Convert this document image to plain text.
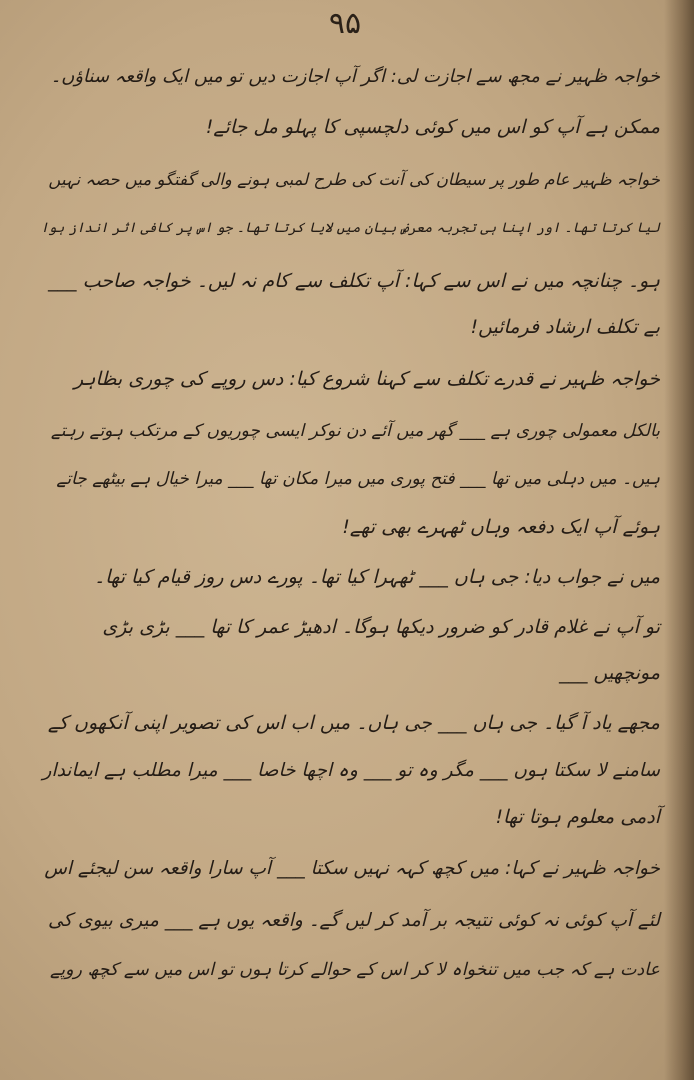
۹۵
خواجہ ظہیر نے مجھ سے اجازت لی: اگر آپ اجازت دیں تو میں ایک واقعہ سناؤں۔
ممکن ہے آپ کو اس میں کوئی دلچسپی کا پہلو مل جائے!
خواجہ ظہیر عام طور پر سیطان کی آنت کی طرح لمبی ہونے والی گفتگو میں حصہ نہیں
لیا کرتا تھا۔ اور اپنا ہی تجربہ معرضِ بیان میں لایا کرتا تھا۔ جو اس پر کافی اثر انداز ہوا
ہو۔ چنانچہ میں نے اس سے کہا: آپ تکلف سے کام نہ لیں۔ خواجہ صاحب ___
بے تکلف ارشاد فرمائیں!
خواجہ ظہیر نے قدرے تکلف سے کہنا شروع کیا: دس روپے کی چوری بظاہر
بالکل معمولی چوری ہے ___ گھر میں آئے دن نوکر ایسی چوریوں کے مرتکب ہوتے رہتے
ہیں۔ میں دہلی میں تھا ___ فتح پوری میں میرا مکان تھا ___ میرا خیال ہے بیٹھے جاتے
ہوئے آپ ایک دفعہ وہاں ٹھہرے بھی تھے!
میں نے جواب دیا: جی ہاں ___ ٹھہرا کیا تھا۔ پورے دس روز قیام کیا تھا۔
تو آپ نے غلام قادر کو ضرور دیکھا ہوگا۔ ادھیڑ عمر کا تھا ___ بڑی بڑی
مونچھیں ___
مجھے یاد آ گیا۔ جی ہاں ___ جی ہاں۔ میں اب اس کی تصویر اپنی آنکھوں کے
سامنے لا سکتا ہوں ___ مگر وہ تو ___ وہ اچھا خاصا ___ میرا مطلب ہے ایماندار
آدمی معلوم ہوتا تھا!
خواجہ ظہیر نے کہا: میں کچھ کہہ نہیں سکتا ___ آپ سارا واقعہ سن لیجئے اس
لئے آپ کوئی نہ کوئی نتیجہ بر آمد کر لیں گے۔ واقعہ یوں ہے ___ میری بیوی کی
عادت ہے کہ جب میں تنخواہ لا کر اس کے حوالے کرتا ہوں تو اس میں سے کچھ روپے
